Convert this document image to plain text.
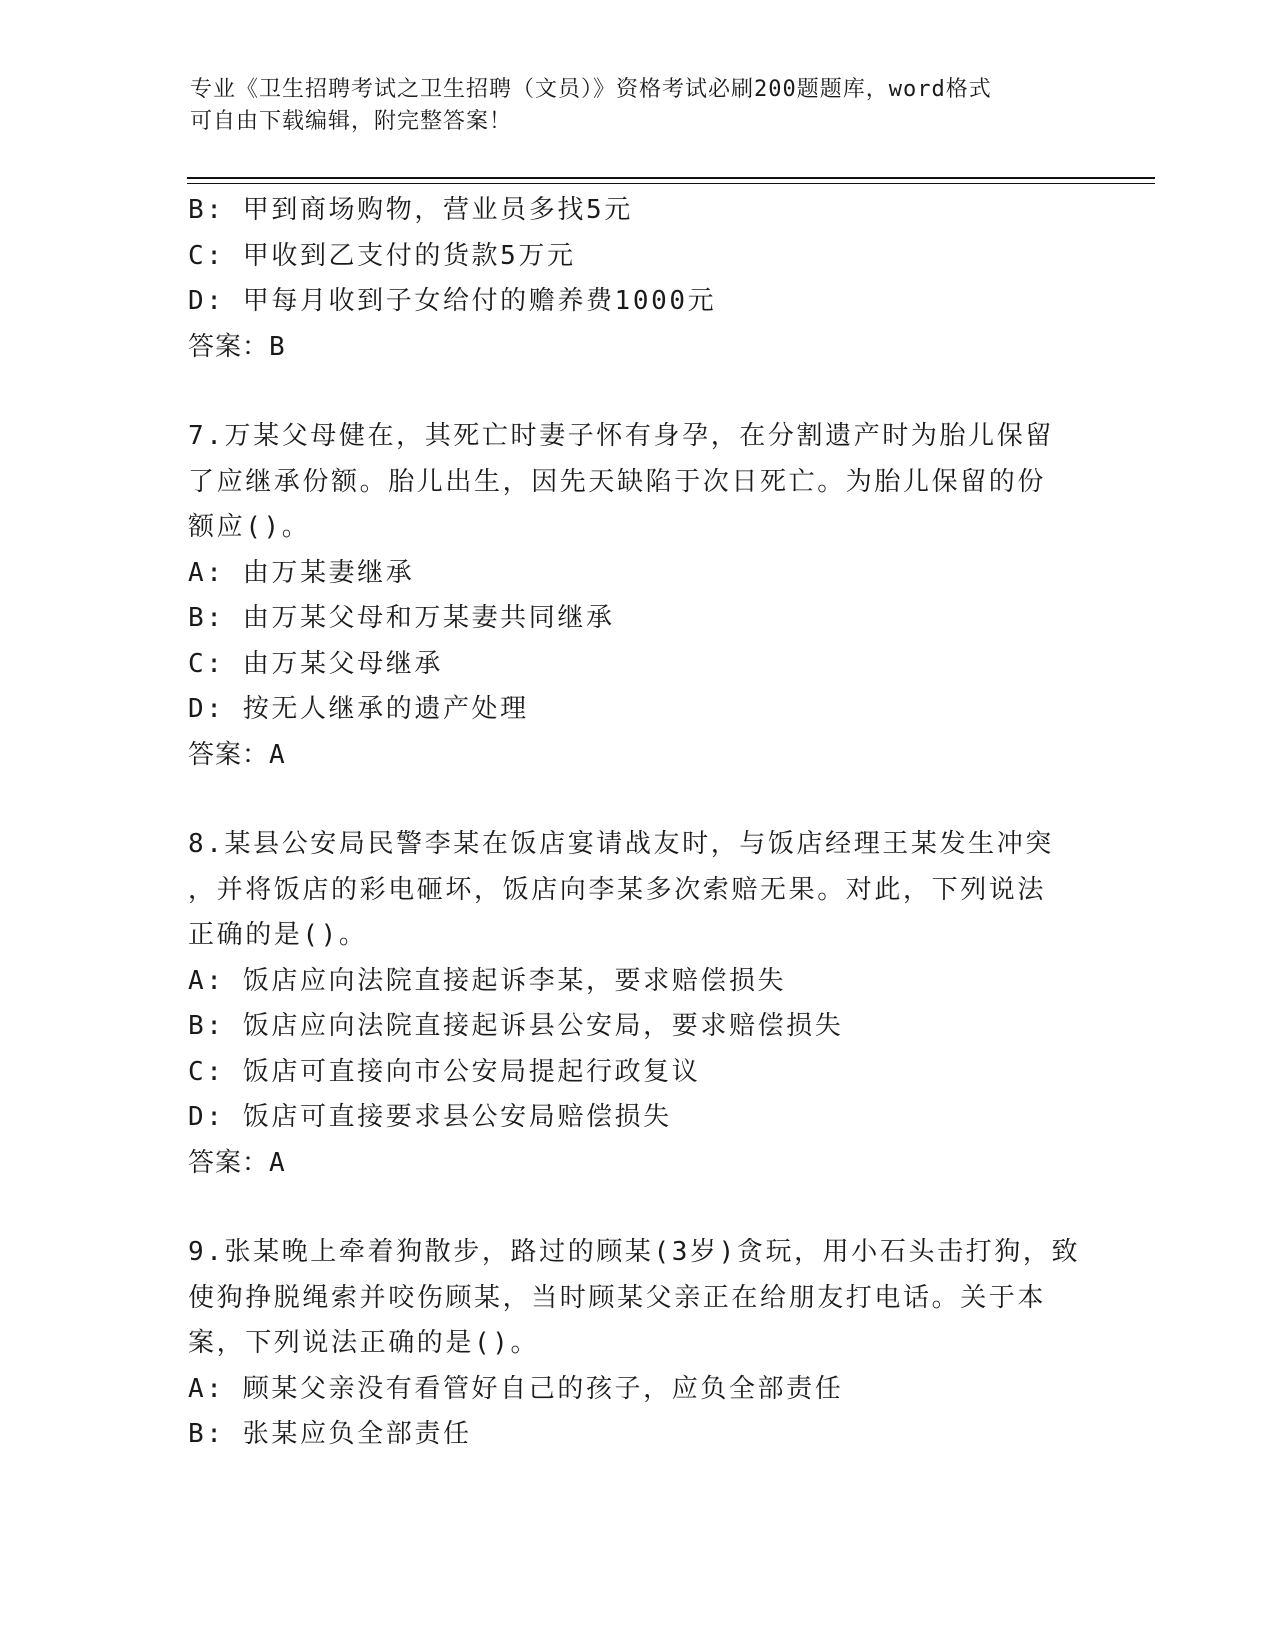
专业《卫生招聘考试之卫生招聘（文员）》资格考试必刷200题题库，word格式
可自由下载编辑，附完整答案！
B: 甲到商场购物，营业员多找5元
C: 甲收到乙支付的货款5万元
D: 甲每月收到子女给付的赡养费1000元
答案：B
7.万某父母健在，其死亡时妻子怀有身孕，在分割遗产时为胎儿保留
了应继承份额。胎儿出生，因先天缺陷于次日死亡。为胎儿保留的份
额应()。
A: 由万某妻继承
B: 由万某父母和万某妻共同继承
C: 由万某父母继承
D: 按无人继承的遗产处理
答案：A
8.某县公安局民警李某在饭店宴请战友时，与饭店经理王某发生冲突
，并将饭店的彩电砸坏，饭店向李某多次索赔无果。对此，下列说法
正确的是()。
A: 饭店应向法院直接起诉李某，要求赔偿损失
B: 饭店应向法院直接起诉县公安局，要求赔偿损失
C: 饭店可直接向市公安局提起行政复议
D: 饭店可直接要求县公安局赔偿损失
答案：A
9.张某晚上牵着狗散步，路过的顾某(3岁)贪玩，用小石头击打狗，致
使狗挣脱绳索并咬伤顾某，当时顾某父亲正在给朋友打电话。关于本
案，下列说法正确的是()。
A: 顾某父亲没有看管好自己的孩子，应负全部责任
B: 张某应负全部责任
